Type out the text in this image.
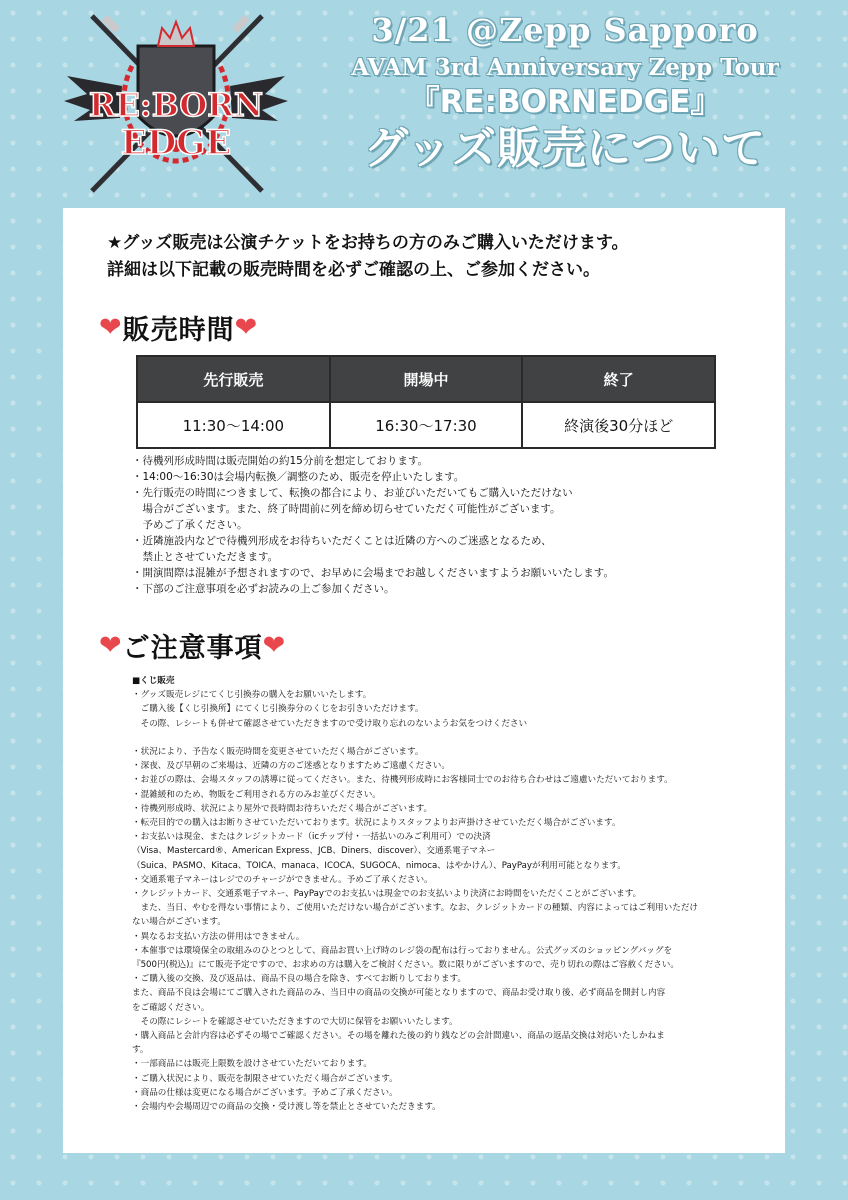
RE:BORN
EDGE
3/21 @Zepp Sapporo
AVAM 3rd Anniversary Zepp Tour
『RE:BORNEDGE』
グッズ販売について
★グッズ販売は公演チケットをお持ちの方のみご購入いただけます。
詳細は以下記載の販売時間を必ずご確認の上、ご参加ください。
❤ 販売時間 ❤
先行販売	開場中	終了
11:30〜14:00	16:30〜17:30	終演後30分ほど
・待機列形成時間は販売開始の約15分前を想定しております。
・14:00〜16:30は会場内転換／調整のため、販売を停止いたします。
・先行販売の時間につきまして、転換の都合により、お並びいただいてもご購入いただけない
　場合がございます。また、終了時間前に列を締め切らせていただく可能性がございます。
　予めご了承ください。
・近隣施設内などで待機列形成をお待ちいただくことは近隣の方へのご迷惑となるため、
　禁止とさせていただきます。
・開演間際は混雑が予想されますので、お早めに会場までお越しくださいますようお願いいたします。
・下部のご注意事項を必ずお読みの上ご参加ください。
❤ ご注意事項 ❤
■くじ販売
・グッズ販売レジにてくじ引換券の購入をお願いいたします。
　ご購入後【くじ引換所】にてくじ引換券分のくじをお引きいただけます。
　その際、レシートも併せて確認させていただきますので受け取り忘れのないようお気をつけください

・状況により、予告なく販売時間を変更させていただく場合がございます。
・深夜、及び早朝のご来場は、近隣の方のご迷惑となりますためご遠慮ください。
・お並びの際は、会場スタッフの誘導に従ってください。また、待機列形成時にお客様同士でのお待ち合わせはご遠慮いただいております。
・混雑緩和のため、物販をご利用される方のみお並びください。
・待機列形成時、状況により屋外で長時間お待ちいただく場合がございます。
・転売目的での購入はお断りさせていただいております。状況によりスタッフよりお声掛けさせていただく場合がございます。
・お支払いは現金、またはクレジットカード（icチップ付・一括払いのみご利用可）での決済
（Visa、Mastercard®、American Express、JCB、Diners、discover）、交通系電子マネー
（Suica、PASMO、Kitaca、TOICA、manaca、ICOCA、SUGOCA、nimoca、はやかけん）、PayPayが利用可能となります。
・交通系電子マネーはレジでのチャージができません。予めご了承ください。
・クレジットカード、交通系電子マネー、PayPayでのお支払いは現金でのお支払いより決済にお時間をいただくことがございます。
　また、当日、やむを得ない事情により、ご使用いただけない場合がございます。なお、クレジットカードの種類、内容によってはご利用いただけ
ない場合がございます。
・異なるお支払い方法の併用はできません。
・本催事では環境保全の取組みのひとつとして、商品お買い上げ時のレジ袋の配布は行っておりません。公式グッズのショッピングバッグを
『500円(税込)』にて販売予定ですので、お求めの方は購入をご検討ください。数に限りがございますので、売り切れの際はご容赦ください。
・ご購入後の交換、及び返品は、商品不良の場合を除き、すべてお断りしております。
また、商品不良は会場にてご購入された商品のみ、当日中の商品の交換が可能となりますので、商品お受け取り後、必ず商品を開封し内容
をご確認ください。
　その際にレシートを確認させていただきますので大切に保管をお願いいたします。
・購入商品と会計内容は必ずその場でご確認ください。その場を離れた後の釣り銭などの会計間違い、商品の返品交換は対応いたしかねま
す。
・一部商品には販売上限数を設けさせていただいております。
・ご購入状況により、販売を制限させていただく場合がございます。
・商品の仕様は変更になる場合がございます。予めご了承ください。
・会場内や会場周辺での商品の交換・受け渡し等を禁止とさせていただきます。
